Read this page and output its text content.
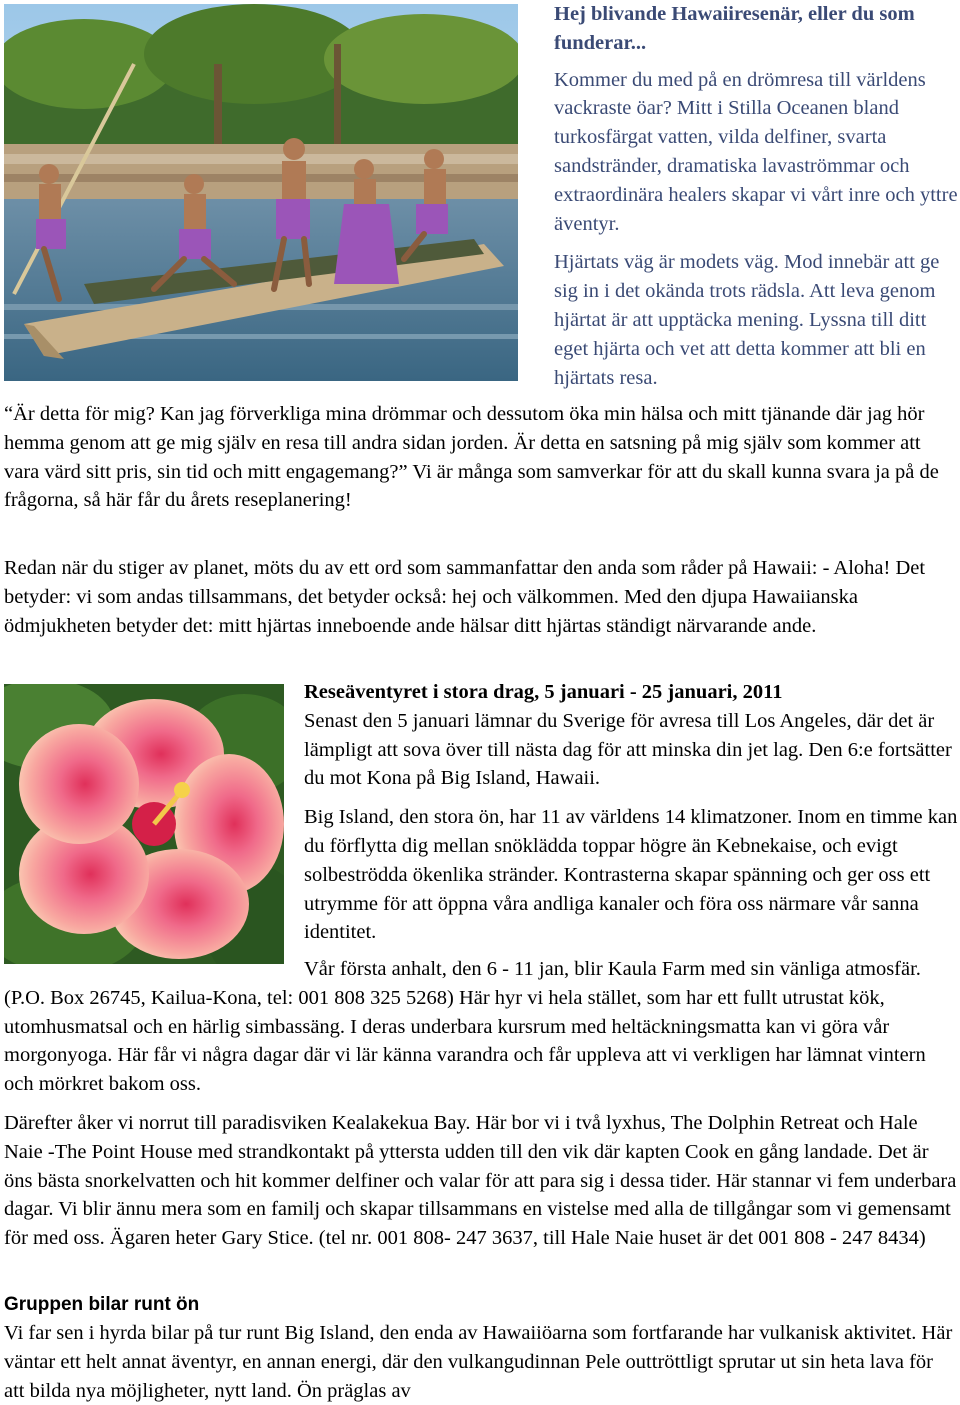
Hej blivande Hawaiiresenär, eller du som funderar...

Kommer du med på en drömresa till världens vackraste öar? Mitt i Stilla Oceanen bland turkosfärgat vatten, vilda delfiner, svarta sandstränder, dramatiska lavaströmmar och extraordinära healers skapar vi vårt inre och yttre äventyr.

Hjärtats väg är modets väg. Mod innebär att ge sig in i det okända trots rädsla. Att leva genom hjärtat är att upptäcka mening. Lyssna till ditt eget hjärta och vet att detta kommer att bli en hjärtats resa.

“Är detta för mig? Kan jag förverkliga mina drömmar och dessutom öka min hälsa och mitt tjänande där jag hör hemma genom att ge mig själv en resa till andra sidan jorden. Är detta en satsning på mig själv som kommer att vara värd sitt pris, sin tid och mitt engagemang?” Vi är många som samverkar för att du skall kunna svara ja på de frågorna, så här får du årets reseplanering!

Redan när du stiger av planet, möts du av ett ord som sammanfattar den anda som råder på Hawaii: - Aloha! Det betyder: vi som andas tillsammans, det betyder också: hej och välkommen. Med den djupa Hawaiianska ödmjukheten betyder det: mitt hjärtas inneboende ande hälsar ditt hjärtas ständigt närvarande ande.

Reseäventyret i stora drag, 5 januari - 25 januari, 2011

Senast den 5 januari lämnar du Sverige för avresa till Los Angeles, där det är lämpligt att sova över till nästa dag för att minska din jet lag. Den 6:e fortsätter du mot Kona på Big Island, Hawaii.

Big Island, den stora ön, har 11 av världens 14 klimatzoner. Inom en timme kan du förflytta dig mellan snöklädda toppar högre än Kebnekaise, och evigt solbeströdda ökenlika stränder. Kontrasterna skapar spänning och ger oss ett utrymme för att öppna våra andliga kanaler och föra oss närmare vår sanna identitet.

Vår första anhalt, den 6 - 11 jan, blir Kaula Farm med sin vänliga atmosfär. (P.O. Box 26745, Kailua-Kona, tel: 001 808 325 5268) Här hyr vi hela stället, som har ett fullt utrustat kök, utomhusmatsal och en härlig simbassäng. I deras underbara kursrum med heltäckningsmatta kan vi göra vår morgonyoga. Här får vi några dagar där vi lär känna varandra och får uppleva att vi verkligen har lämnat vintern och mörkret bakom oss.

Därefter åker vi norrut till paradisviken Kealakekua Bay. Här bor vi i två lyxhus, The Dolphin Retreat och Hale Naie -The Point House med strandkontakt på yttersta udden till den vik där kapten Cook en gång landade. Det är öns bästa snorkelvatten och hit kommer delfiner och valar för att para sig i dessa tider. Här stannar vi fem underbara dagar. Vi blir ännu mera som en familj och skapar tillsammans en vistelse med alla de tillgångar som vi gemensamt för med oss. Ägaren heter Gary Stice. (tel nr. 001 808- 247 3637, till Hale Naie huset är det 001 808 - 247 8434)

Gruppen bilar runt ön

Vi far sen i hyrda bilar på tur runt Big Island, den enda av Hawaiiöarna som fortfarande har vulkanisk aktivitet. Här väntar ett helt annat äventyr, en annan energi, där den vulkangudinnan Pele outtröttligt sprutar ut sin heta lava för att bilda nya möjligheter, nytt land. Ön präglas av
